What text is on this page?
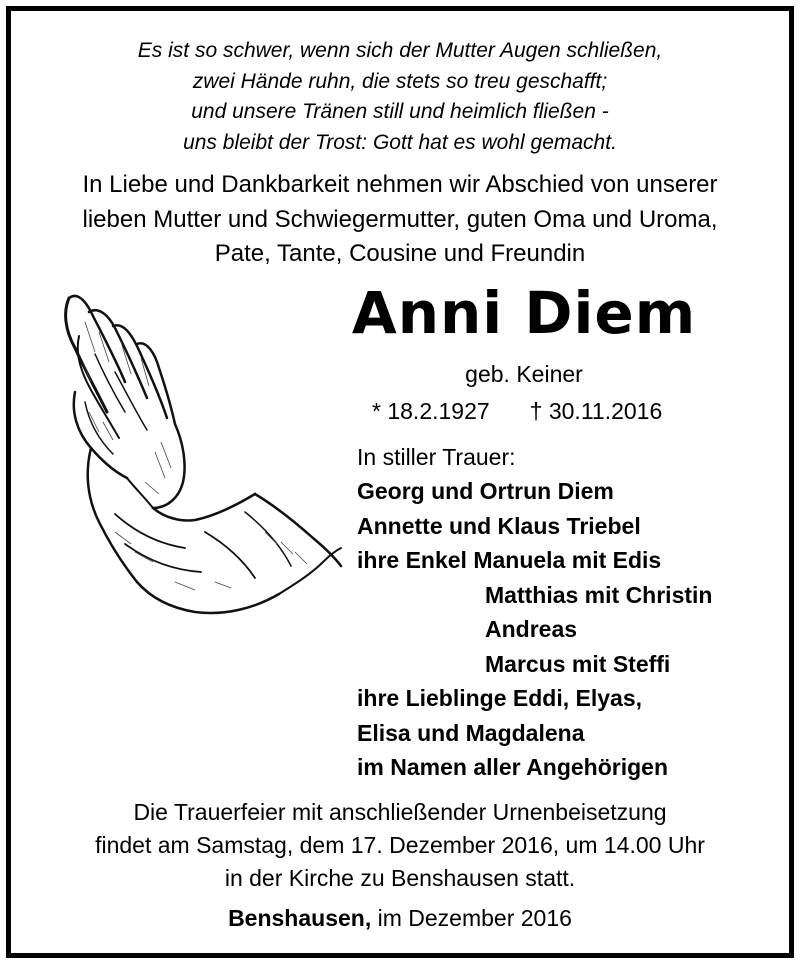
Es ist so schwer, wenn sich der Mutter Augen schließen,
zwei Hände ruhn, die stets so treu geschafft;
und unsere Tränen still und heimlich fließen -
uns bleibt der Trost: Gott hat es wohl gemacht.
In Liebe und Dankbarkeit nehmen wir Abschied von unserer
lieben Mutter und Schwiegermutter, guten Oma und Uroma,
Pate, Tante, Cousine und Freundin
Anni Diem
geb. Keiner
* 18.2.1927 † 30.11.2016
In stiller Trauer:
Georg und Ortrun Diem
Annette und Klaus Triebel
ihre Enkel Manuela mit Edis
Matthias mit Christin
Andreas
Marcus mit Steffi
ihre Lieblinge Eddi, Elyas,
Elisa und Magdalena
im Namen aller Angehörigen
Die Trauerfeier mit anschließender Urnenbeisetzung
findet am Samstag, dem 17. Dezember 2016, um 14.00 Uhr
in der Kirche zu Benshausen statt.
Benshausen, im Dezember 2016
